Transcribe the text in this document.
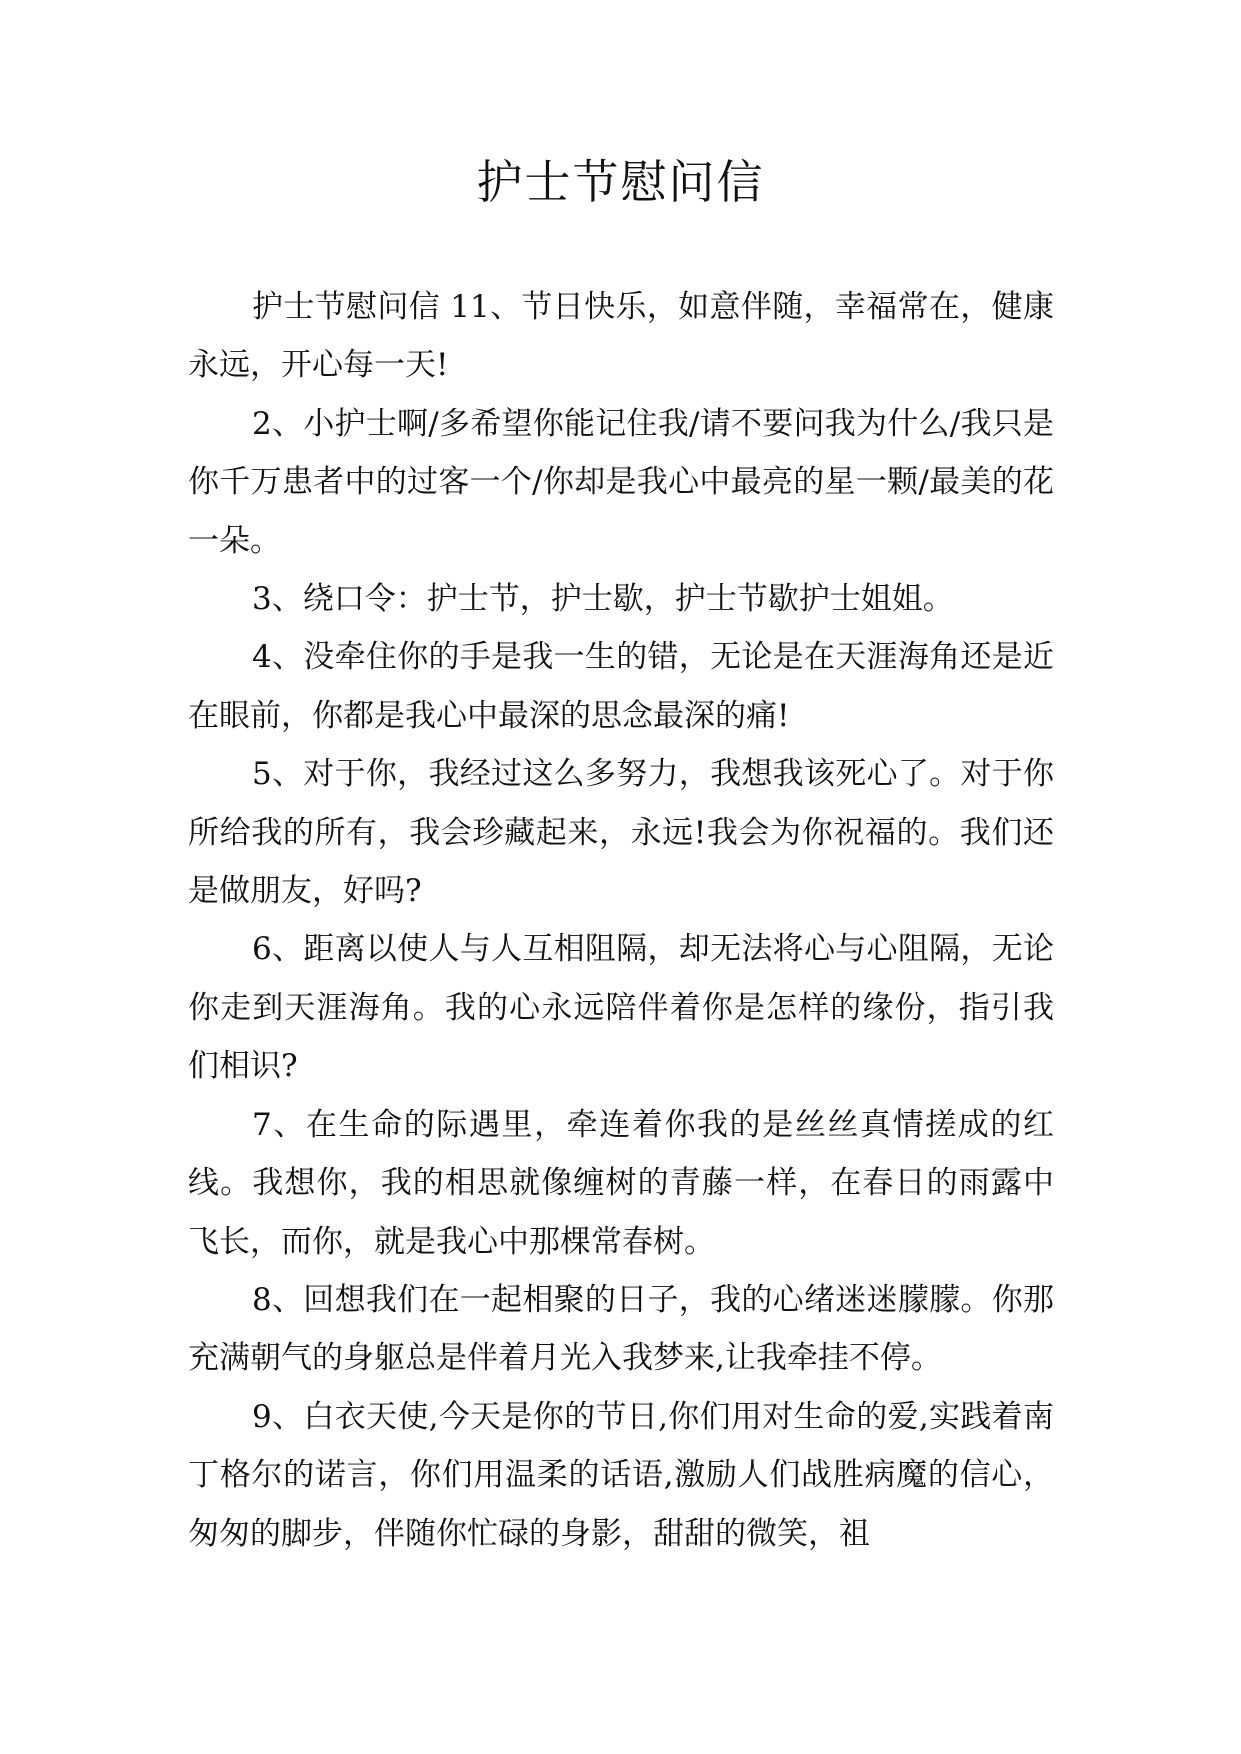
护士节慰问信

护士节慰问信 11、节日快乐，如意伴随，幸福常在，健康永远，开心每一天!

2、小护士啊/多希望你能记住我/请不要问我为什么/我只是你千万患者中的过客一个/你却是我心中最亮的星一颗/最美的花一朵。

3、绕口令：护士节，护士歇，护士节歇护士姐姐。

4、没牵住你的手是我一生的错，无论是在天涯海角还是近在眼前，你都是我心中最深的思念最深的痛!

5、对于你，我经过这么多努力，我想我该死心了。对于你所给我的所有，我会珍藏起来，永远!我会为你祝福的。我们还是做朋友，好吗?

6、距离以使人与人互相阻隔，却无法将心与心阻隔，无论你走到天涯海角。我的心永远陪伴着你是怎样的缘份，指引我们相识?

7、在生命的际遇里，牵连着你我的是丝丝真情搓成的红线。我想你，我的相思就像缠树的青藤一样，在春日的雨露中飞长，而你，就是我心中那棵常春树。

8、回想我们在一起相聚的日子，我的心绪迷迷朦朦。你那充满朝气的身躯总是伴着月光入我梦来,让我牵挂不停。

9、白衣天使,今天是你的节日,你们用对生命的爱,实践着南丁格尔的诺言，你们用温柔的话语,激励人们战胜病魔的信心，匆匆的脚步，伴随你忙碌的身影，甜甜的微笑，祖
